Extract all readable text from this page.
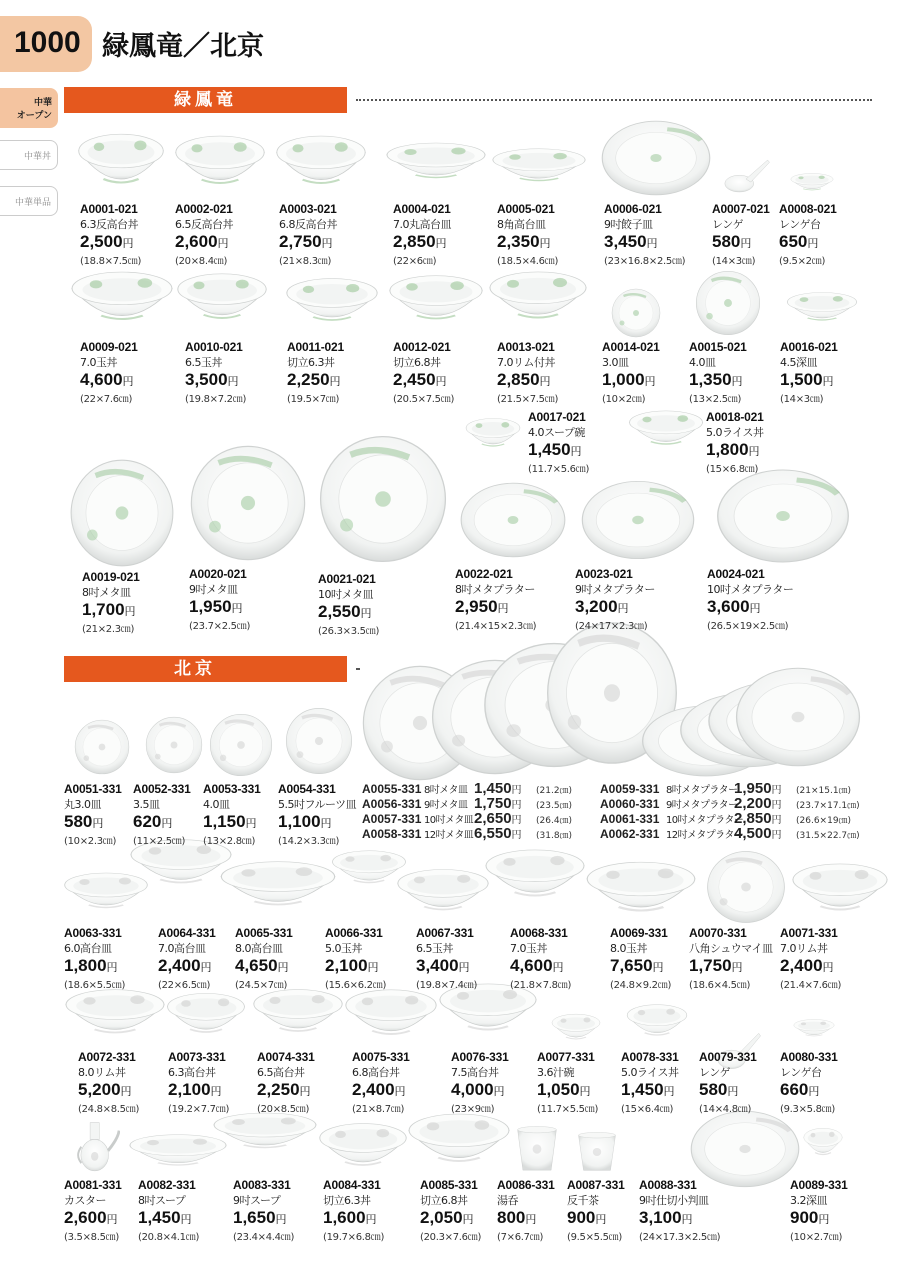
1000 緑鳳竜／北京
中華
オープン
中華丼
中華単品
緑鳳竜
北京
A0001-021
6.3反高台丼
2,500円
(18.8×7.5㎝)
A0002-021
6.5反高台丼
2,600円
(20×8.4㎝)
A0003-021
6.8反高台丼
2,750円
(21×8.3㎝)
A0004-021
7.0丸高台皿
2,850円
(22×6㎝)
A0005-021
8角高台皿
2,350円
(18.5×4.6㎝)
A0006-021
9吋餃子皿
3,450円
(23×16.8×2.5㎝)
A0007-021
レンゲ
580円
(14×3㎝)
A0008-021
レンゲ台
650円
(9.5×2㎝)
A0009-021
7.0玉丼
4,600円
(22×7.6㎝)
A0010-021
6.5玉丼
3,500円
(19.8×7.2㎝)
A0011-021
切立6.3丼
2,250円
(19.5×7㎝)
A0012-021
切立6.8丼
2,450円
(20.5×7.5㎝)
A0013-021
7.0リム付丼
2,850円
(21.5×7.5㎝)
A0014-021
3.0皿
1,000円
(10×2㎝)
A0015-021
4.0皿
1,350円
(13×2.5㎝)
A0016-021
4.5深皿
1,500円
(14×3㎝)
A0017-021
4.0スープ碗
1,450円
(11.7×5.6㎝)
A0018-021
5.0ライス丼
1,800円
(15×6.8㎝)
A0019-021
8吋メタ皿
1,700円
(21×2.3㎝)
A0020-021
9吋メタ皿
1,950円
(23.7×2.5㎝)
A0021-021
10吋メタ皿
2,550円
(26.3×3.5㎝)
A0022-021
8吋メタプラター
2,950円
(21.4×15×2.3㎝)
A0023-021
9吋メタプラター
3,200円
(24×17×2.3㎝)
A0024-021
10吋メタプラター
3,600円
(26.5×19×2.5㎝)
A0051-331
丸3.0皿
580円
(10×2.3㎝)
A0052-331
3.5皿
620円
(11×2.5㎝)
A0053-331
4.0皿
1,150円
(13×2.8㎝)
A0054-331
5.5吋フルーツ皿
1,100円
(14.2×3.3㎝)
A0063-331
6.0高台皿
1,800円
(18.6×5.5㎝)
A0064-331
7.0高台皿
2,400円
(22×6.5㎝)
A0065-331
8.0高台皿
4,650円
(24.5×7㎝)
A0066-331
5.0玉丼
2,100円
(15.6×6.2㎝)
A0067-331
6.5玉丼
3,400円
(19.8×7.4㎝)
A0068-331
7.0玉丼
4,600円
(21.8×7.8㎝)
A0069-331
8.0玉丼
7,650円
(24.8×9.2㎝)
A0070-331
八角シュウマイ皿
1,750円
(18.6×4.5㎝)
A0071-331
7.0リム丼
2,400円
(21.4×7.6㎝)
A0072-331
8.0リム丼
5,200円
(24.8×8.5㎝)
A0073-331
6.3高台丼
2,100円
(19.2×7.7㎝)
A0074-331
6.5高台丼
2,250円
(20×8.5㎝)
A0075-331
6.8高台丼
2,400円
(21×8.7㎝)
A0076-331
7.5高台丼
4,000円
(23×9㎝)
A0077-331
3.6汁碗
1,050円
(11.7×5.5㎝)
A0078-331
5.0ライス丼
1,450円
(15×6.4㎝)
A0079-331
レンゲ
580円
(14×4.8㎝)
A0080-331
レンゲ台
660円
(9.3×5.8㎝)
A0081-331
カスター
2,600円
(3.5×8.5㎝)
A0082-331
8吋スープ
1,450円
(20.8×4.1㎝)
A0083-331
9吋スープ
1,650円
(23.4×4.4㎝)
A0084-331
切立6.3丼
1,600円
(19.7×6.8㎝)
A0085-331
切立6.8丼
2,050円
(20.3×7.6㎝)
A0086-331
湯呑
800円
(7×6.7㎝)
A0087-331
反千茶
900円
(9.5×5.5㎝)
A0088-331
9吋仕切小判皿
3,100円
(24×17.3×2.5㎝)
A0089-331
3.2深皿
900円
(10×2.7㎝)
A0055-331 8吋メタ皿 1,450円	(21.2㎝)
A0056-331 9吋メタ皿 1,750円	(23.5㎝)
A0057-331 10吋メタ皿 2,650円	(26.4㎝)
A0058-331 12吋メタ皿 6,550円	(31.8㎝)
A0059-331 8吋メタプラター
1,950円	(21×15.1㎝)
A0060-331 9吋メタプラター
2,200円	(23.7×17.1㎝)
A0061-331 10吋メタプラター
2,850円	(26.6×19㎝)
A0062-331 12吋メタプラター
4,500円	(31.5×22.7㎝)
